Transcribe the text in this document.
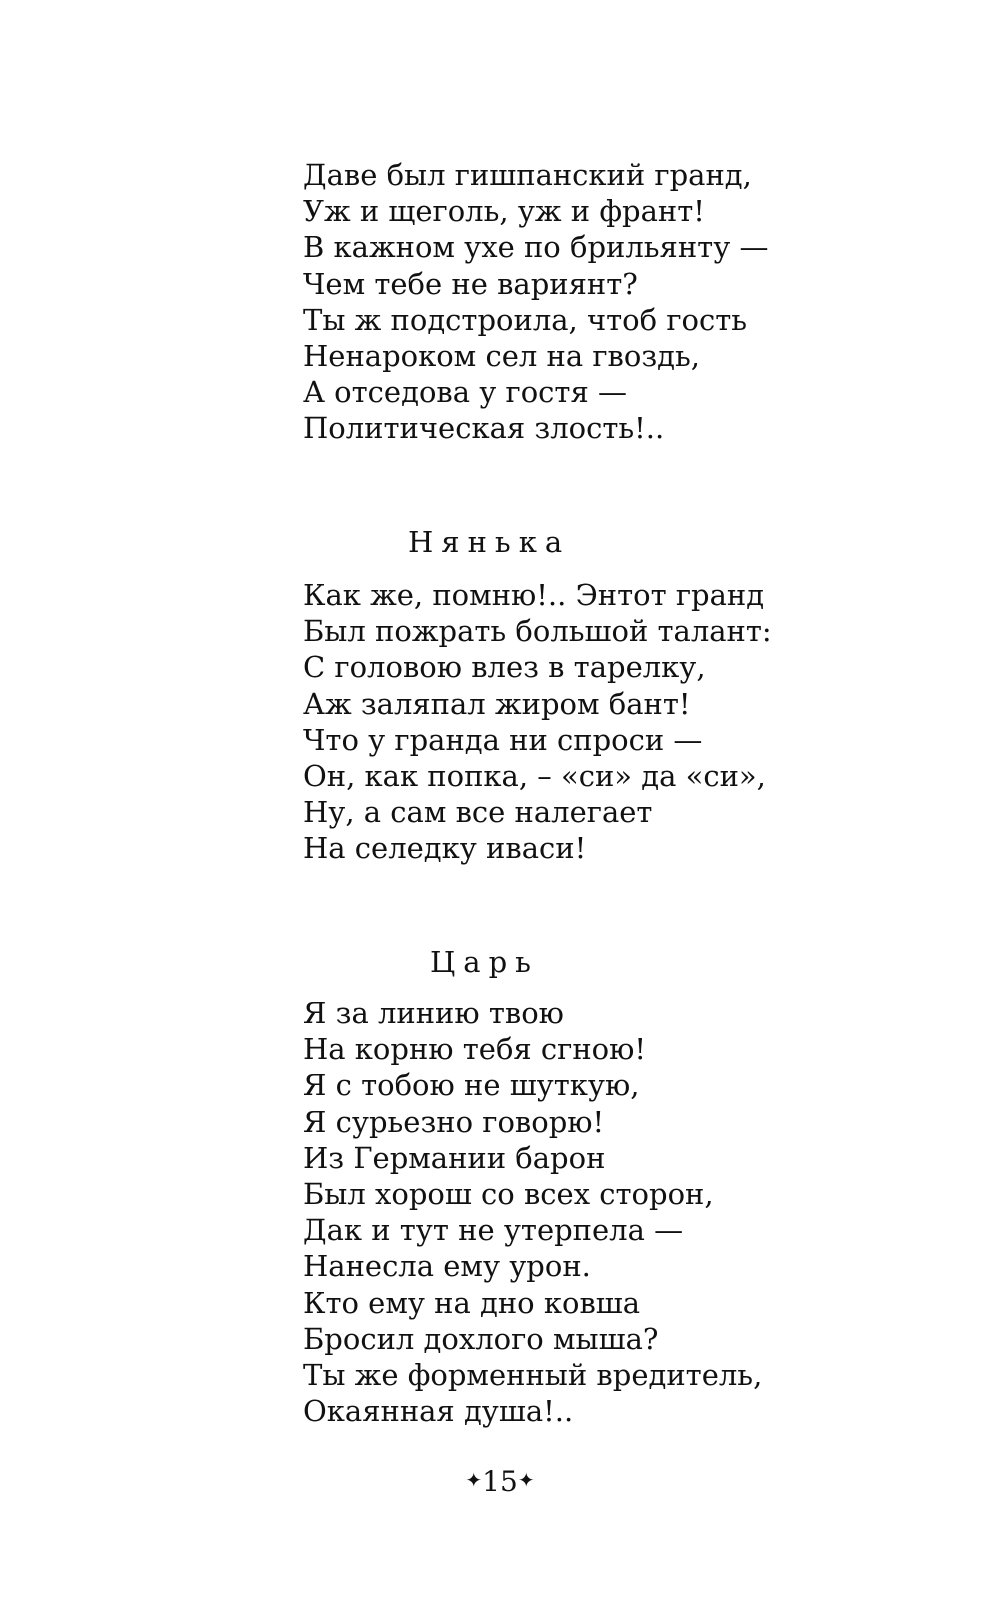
Даве был гишпанский гранд,
Уж и щеголь, уж и франт!
В кажном ухе по брильянту —
Чем тебе не вариянт?
Ты ж подстроила, чтоб гость
Ненароком сел на гвоздь,
А отседова у гостя —
Политическая злость!..
Нянька
Как же, помню!.. Энтот гранд
Был пожрать большой талант:
С головою влез в тарелку,
Аж заляпал жиром бант!
Что у гранда ни спроси —
Он, как попка, – «си» да «си»,
Ну, а сам все налегает
На селедку иваси!
Царь
Я за линию твою
На корню тебя сгною!
Я с тобою не шуткую,
Я сурьезно говорю!
Из Германии барон
Был хорош со всех сторон,
Дак и тут не утерпела —
Нанесла ему урон.
Кто ему на дно ковша
Бросил дохлого мыша?
Ты же форменный вредитель,
Окаянная душа!..
✦15✦
